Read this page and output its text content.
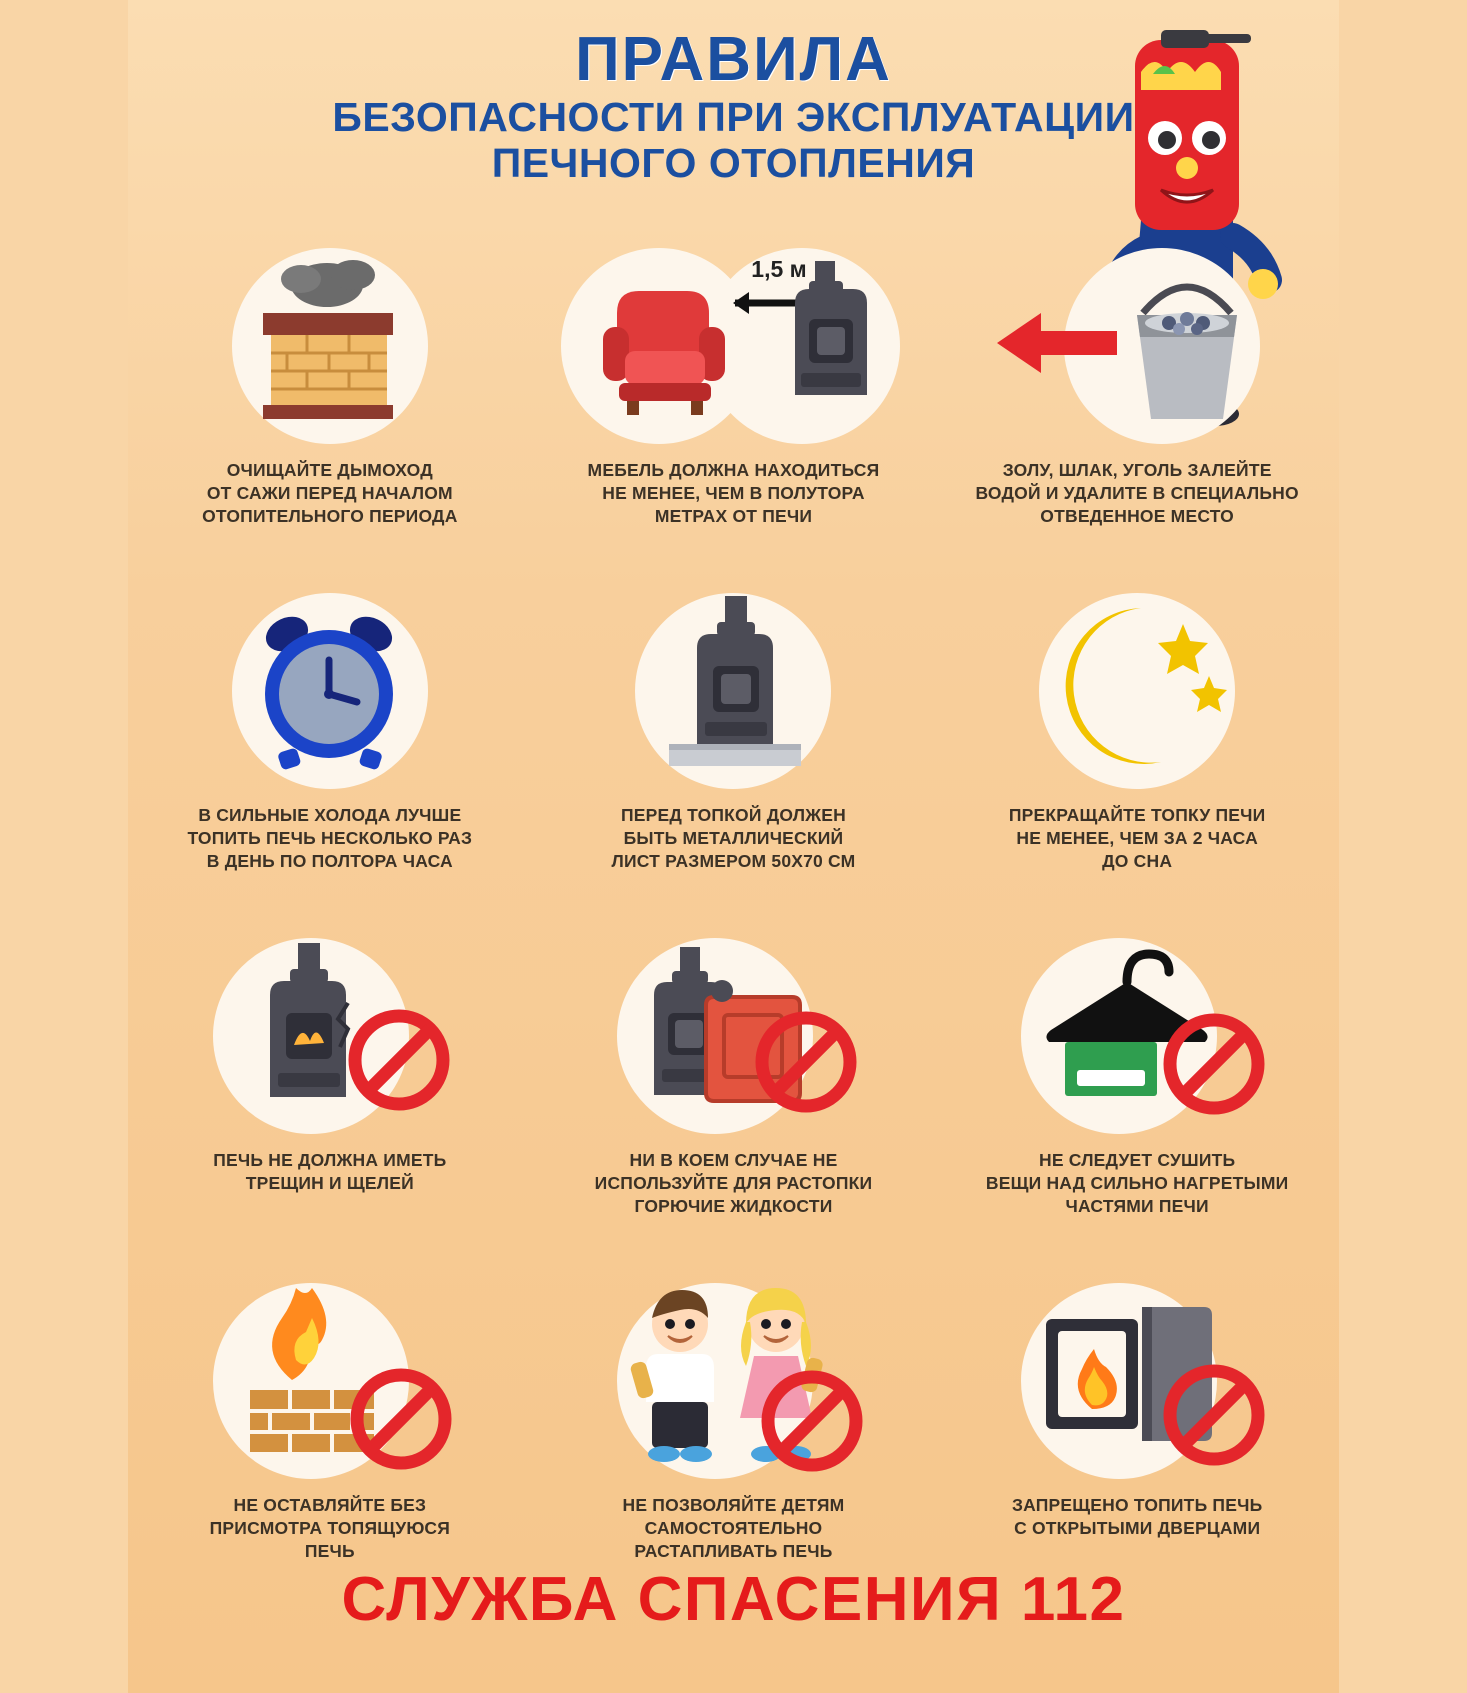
ПРАВИЛА
БЕЗОПАСНОСТИ ПРИ ЭКСПЛУАТАЦИИ
ПЕЧНОГО ОТОПЛЕНИЯ
ОЧИЩАЙТЕ ДЫМОХОД
ОТ САЖИ ПЕРЕД НАЧАЛОМ
ОТОПИТЕЛЬНОГО ПЕРИОДА
1,5 м
МЕБЕЛЬ ДОЛЖНА НАХОДИТЬСЯ
НЕ МЕНЕЕ, ЧЕМ В ПОЛУТОРА
МЕТРАХ ОТ ПЕЧИ
ЗОЛУ, ШЛАК, УГОЛЬ ЗАЛЕЙТЕ
ВОДОЙ И УДАЛИТЕ В СПЕЦИАЛЬНО
ОТВЕДЕННОЕ МЕСТО
В СИЛЬНЫЕ ХОЛОДА ЛУЧШЕ
ТОПИТЬ ПЕЧЬ НЕСКОЛЬКО РАЗ
В ДЕНЬ ПО ПОЛТОРА ЧАСА
ПЕРЕД ТОПКОЙ ДОЛЖЕН
БЫТЬ МЕТАЛЛИЧЕСКИЙ
ЛИСТ РАЗМЕРОМ 50Х70 СМ
ПРЕКРАЩАЙТЕ ТОПКУ ПЕЧИ
НЕ МЕНЕЕ, ЧЕМ ЗА 2 ЧАСА
ДО СНА
ПЕЧЬ НЕ ДОЛЖНА ИМЕТЬ
ТРЕЩИН И ЩЕЛЕЙ
НИ В КОЕМ СЛУЧАЕ НЕ
ИСПОЛЬЗУЙТЕ ДЛЯ РАСТОПКИ
ГОРЮЧИЕ ЖИДКОСТИ
НЕ СЛЕДУЕТ СУШИТЬ
ВЕЩИ НАД СИЛЬНО НАГРЕТЫМИ
ЧАСТЯМИ ПЕЧИ
НЕ ОСТАВЛЯЙТЕ БЕЗ
ПРИСМОТРА ТОПЯЩУЮСЯ
ПЕЧЬ
НЕ ПОЗВОЛЯЙТЕ ДЕТЯМ
САМОСТОЯТЕЛЬНО
РАСТАПЛИВАТЬ ПЕЧЬ
ЗАПРЕЩЕНО ТОПИТЬ ПЕЧЬ
С ОТКРЫТЫМИ ДВЕРЦАМИ
СЛУЖБА СПАСЕНИЯ 112
